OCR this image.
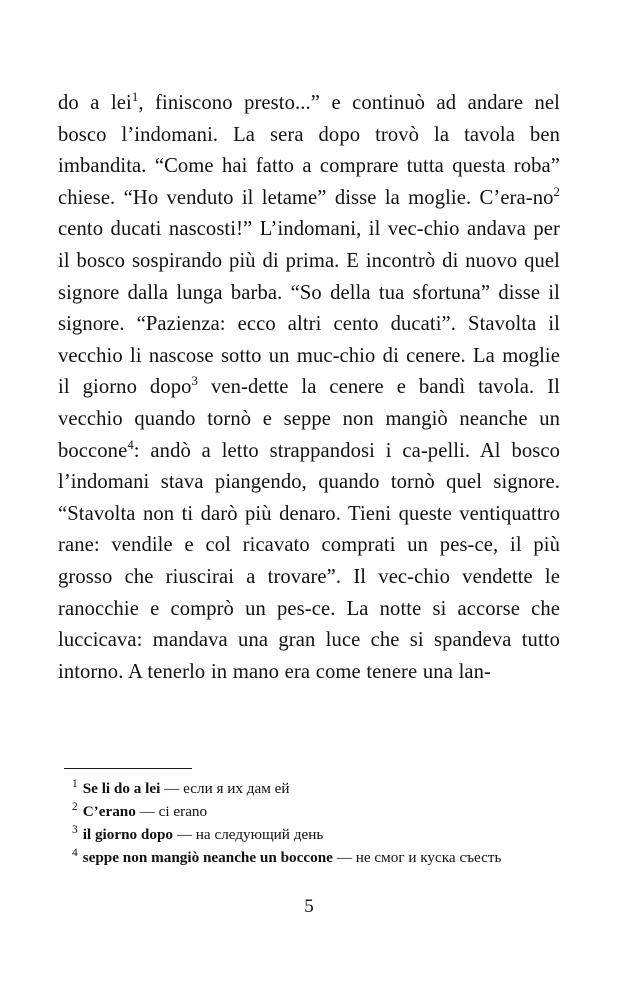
do a lei$^1$, finiscono presto...” e continuò ad andare nel bosco l’indomani. La sera dopo trovò la tavola ben imbandita. “Come hai fatto a comprare tutta questa roba” chiese. “Ho venduto il letame” disse la moglie. $C’era-no^2$ cento ducati nascosti!” L’indomani, il vec-chio andava per il bosco sospirando più di prima. E incontrò di nuovo quel signore dalla lunga barba. “So della tua sfortuna” disse il signore. “Pazienza: ecco altri cento ducati”. Stavolta il vecchio li nascose sotto un muc-chio di cenere. La moglie il giorno dopo$^3$ ven-dette la cenere e bandì tavola. Il vecchio quando tornò e seppe non mangiò neanche un boccone$^4$: andò a letto strappandosi i ca-pelli. Al bosco l’indomani stava piangendo, quando tornò quel signore. “Stavolta non ti darò più denaro. Tieni queste ventiquattro rane: vendile e col ricavato comprati un pes-ce, il più grosso che riuscirai a trovare”. Il vec-chio vendette le ranocchie e comprò un pes-ce. La notte si accorse che luccicava: mandava una gran luce che si spandeva tutto intorno. A tenerlo in mano era come tenere una lan-

$^1$ Se li do a lei — если я их дам ей

$^2$ C’erano — ci erano

$^3$ il giorno dopo — на следующий день

$^4$ seppe non mangiò neanche un boccone — не смог и куска съесть

5
